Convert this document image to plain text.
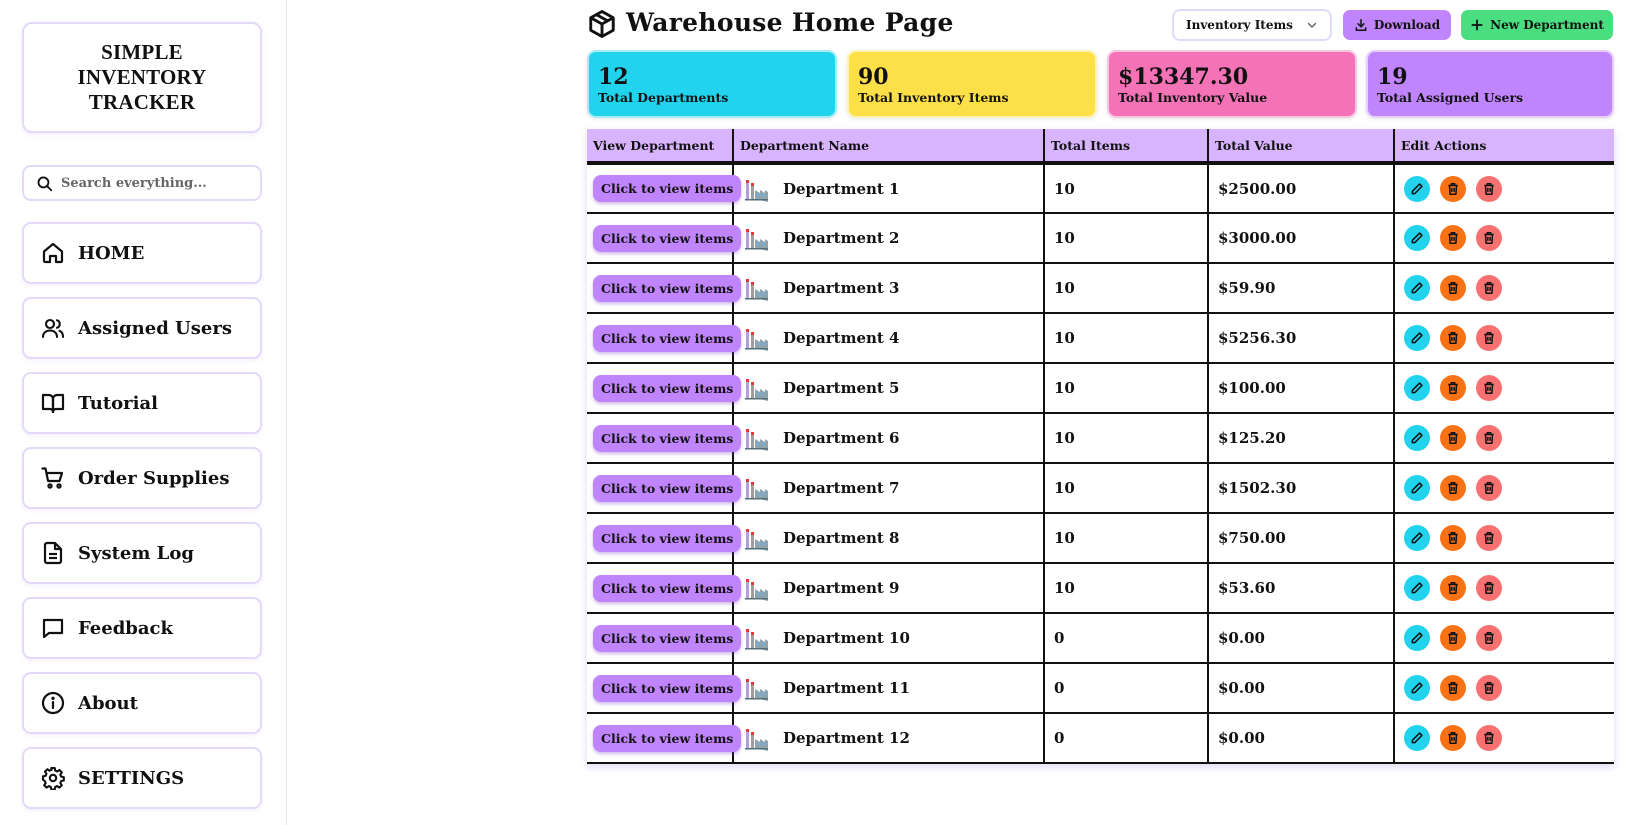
SIMPLE
INVENTORY
TRACKER
Search everything...
HOME
Assigned Users
Tutorial
Order Supplies
System Log
Feedback
About
SETTINGS
Warehouse Home Page	Inventory Items	Download	New Department
12
Total Departments
90
Total Inventory Items
$13347.30
Total Inventory Value
19
Total Assigned Users
View Department	Department Name	Total Items	Total Value	Edit Actions
Click to view items	Department 1	10	$2500.00	

Click to view items	Department 2	10	$3000.00	

Click to view items	Department 3	10	$59.90	

Click to view items	Department 4	10	$5256.30	

Click to view items	Department 5	10	$100.00	

Click to view items	Department 6	10	$125.20	

Click to view items	Department 7	10	$1502.30	

Click to view items	Department 8	10	$750.00	

Click to view items	Department 9	10	$53.60	

Click to view items	Department 10	0	$0.00	

Click to view items	Department 11	0	$0.00	

Click to view items	Department 12	0	$0.00	
